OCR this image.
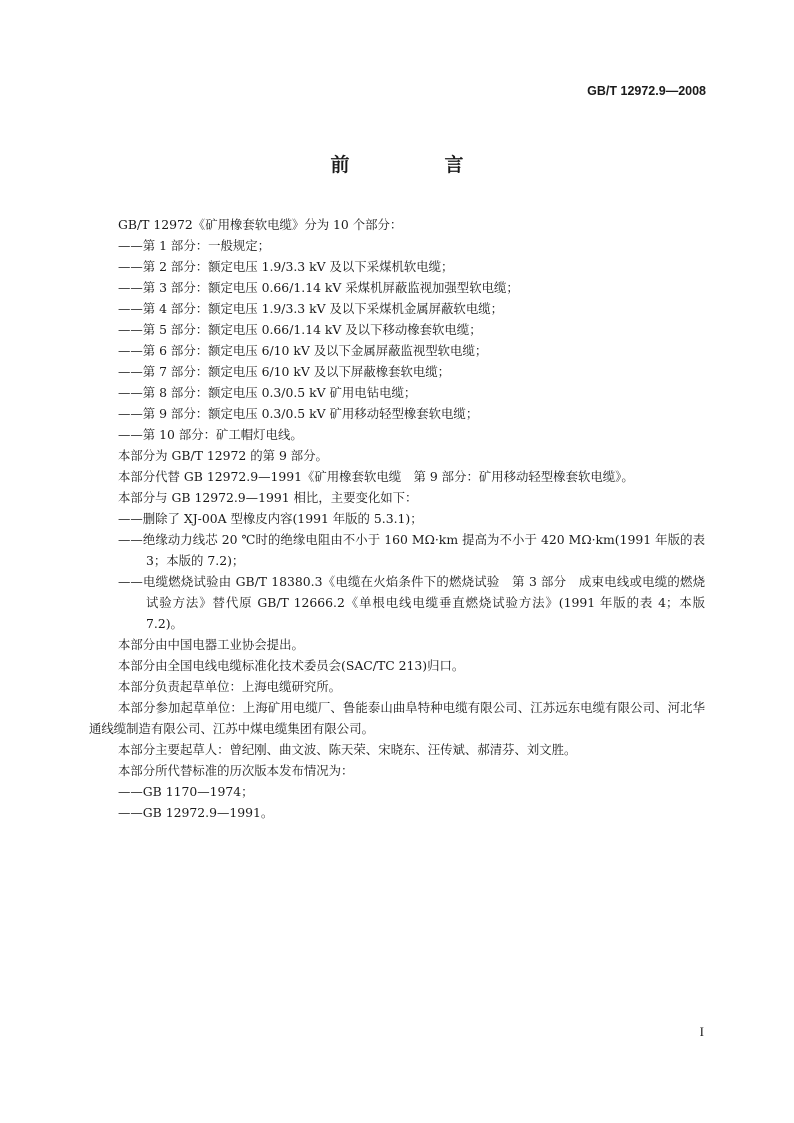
GB/T 12972.9—2008
前　言

GB/T 12972《矿用橡套软电缆》分为 10 个部分：

——第 1 部分：一般规定；

——第 2 部分：额定电压 1.9/3.3 kV 及以下采煤机软电缆；

——第 3 部分：额定电压 0.66/1.14 kV 采煤机屏蔽监视加强型软电缆；

——第 4 部分：额定电压 1.9/3.3 kV 及以下采煤机金属屏蔽软电缆；

——第 5 部分：额定电压 0.66/1.14 kV 及以下移动橡套软电缆；

——第 6 部分：额定电压 6/10 kV 及以下金属屏蔽监视型软电缆；

——第 7 部分：额定电压 6/10 kV 及以下屏蔽橡套软电缆；

——第 8 部分：额定电压 0.3/0.5 kV 矿用电钻电缆；

——第 9 部分：额定电压 0.3/0.5 kV 矿用移动轻型橡套软电缆；

——第 10 部分：矿工帽灯电线。

本部分为 GB/T 12972 的第 9 部分。

本部分代替 GB 12972.9—1991《矿用橡套软电缆　第 9 部分：矿用移动轻型橡套软电缆》。

本部分与 GB 12972.9—1991 相比，主要变化如下：

——删除了 XJ-00A 型橡皮内容(1991 年版的 5.3.1)；

——绝缘动力线芯 20 ℃时的绝缘电阻由不小于 160 MΩ·km 提高为不小于 420 MΩ·km(1991 年版的表 3；本版的 7.2)；

——电缆燃烧试验由 GB/T 18380.3《电缆在火焰条件下的燃烧试验　第 3 部分　成束电线或电缆的燃烧试验方法》替代原 GB/T 12666.2《单根电线电缆垂直燃烧试验方法》(1991 年版的表 4；本版 7.2)。

本部分由中国电器工业协会提出。

本部分由全国电线电缆标准化技术委员会(SAC/TC 213)归口。

本部分负责起草单位：上海电缆研究所。

本部分参加起草单位：上海矿用电缆厂、鲁能泰山曲阜特种电缆有限公司、江苏远东电缆有限公司、河北华通线缆制造有限公司、江苏中煤电缆集团有限公司。

本部分主要起草人：曾纪刚、曲文波、陈天荣、宋晓东、汪传斌、郝清芬、刘文胜。

本部分所代替标准的历次版本发布情况为：

——GB 1170—1974；

——GB 12972.9—1991。

I
